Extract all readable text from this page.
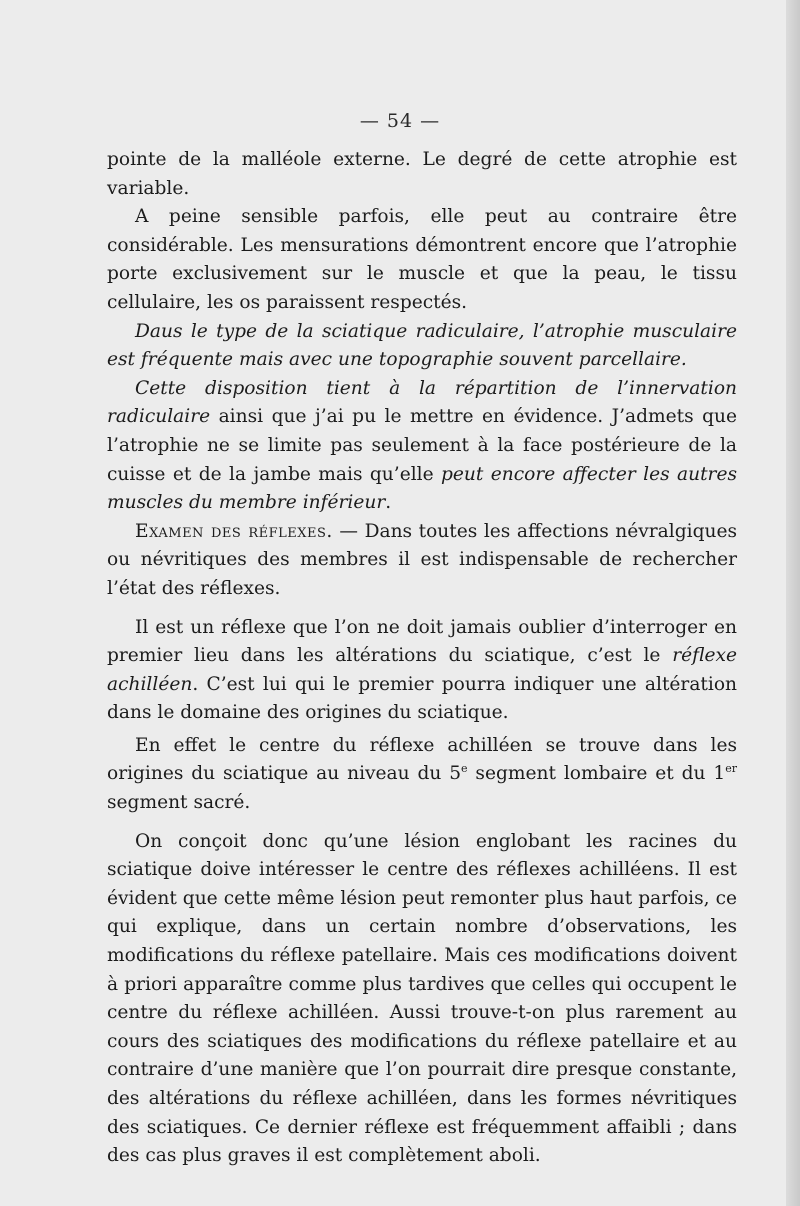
— 54 —

pointe de la malléole externe. Le degré de cette atrophie est variable.

A peine sensible parfois, elle peut au contraire être considérable. Les mensurations démontrent encore que l’atrophie porte exclusivement sur le muscle et que la peau, le tissu cellulaire, les os paraissent respectés.

Daus le type de la sciatique radiculaire, l’atrophie musculaire est fréquente mais avec une topographie souvent parcellaire.

Cette disposition tient à la répartition de l’innervation radiculaire ainsi que j’ai pu le mettre en évidence. J’admets que l’atrophie ne se limite pas seulement à la face postérieure de la cuisse et de la jambe mais qu’elle peut encore affecter les autres muscles du membre inférieur.

Examen des réflexes. — Dans toutes les affections névralgiques ou névritiques des membres il est indispensable de rechercher l’état des réflexes.

Il est un réflexe que l’on ne doit jamais oublier d’interroger en premier lieu dans les altérations du sciatique, c’est le réflexe achilléen. C’est lui qui le premier pourra indiquer une altération dans le domaine des origines du sciatique.

En effet le centre du réflexe achilléen se trouve dans les origines du sciatique au niveau du 5e segment lombaire et du 1er segment sacré.

On conçoit donc qu’une lésion englobant les racines du sciatique doive intéresser le centre des réflexes achilléens. Il est évident que cette même lésion peut remonter plus haut parfois, ce qui explique, dans un certain nombre d’observations, les modifications du réflexe patellaire. Mais ces modifications doivent à priori apparaître comme plus tardives que celles qui occupent le centre du réflexe achilléen. Aussi trouve-t-on plus rarement au cours des sciatiques des modifications du réflexe patellaire et au contraire d’une manière que l’on pourrait dire presque constante, des altérations du réflexe achilléen, dans les formes névritiques des sciatiques. Ce dernier réflexe est fréquemment affaibli ; dans des cas plus graves il est complètement aboli.
